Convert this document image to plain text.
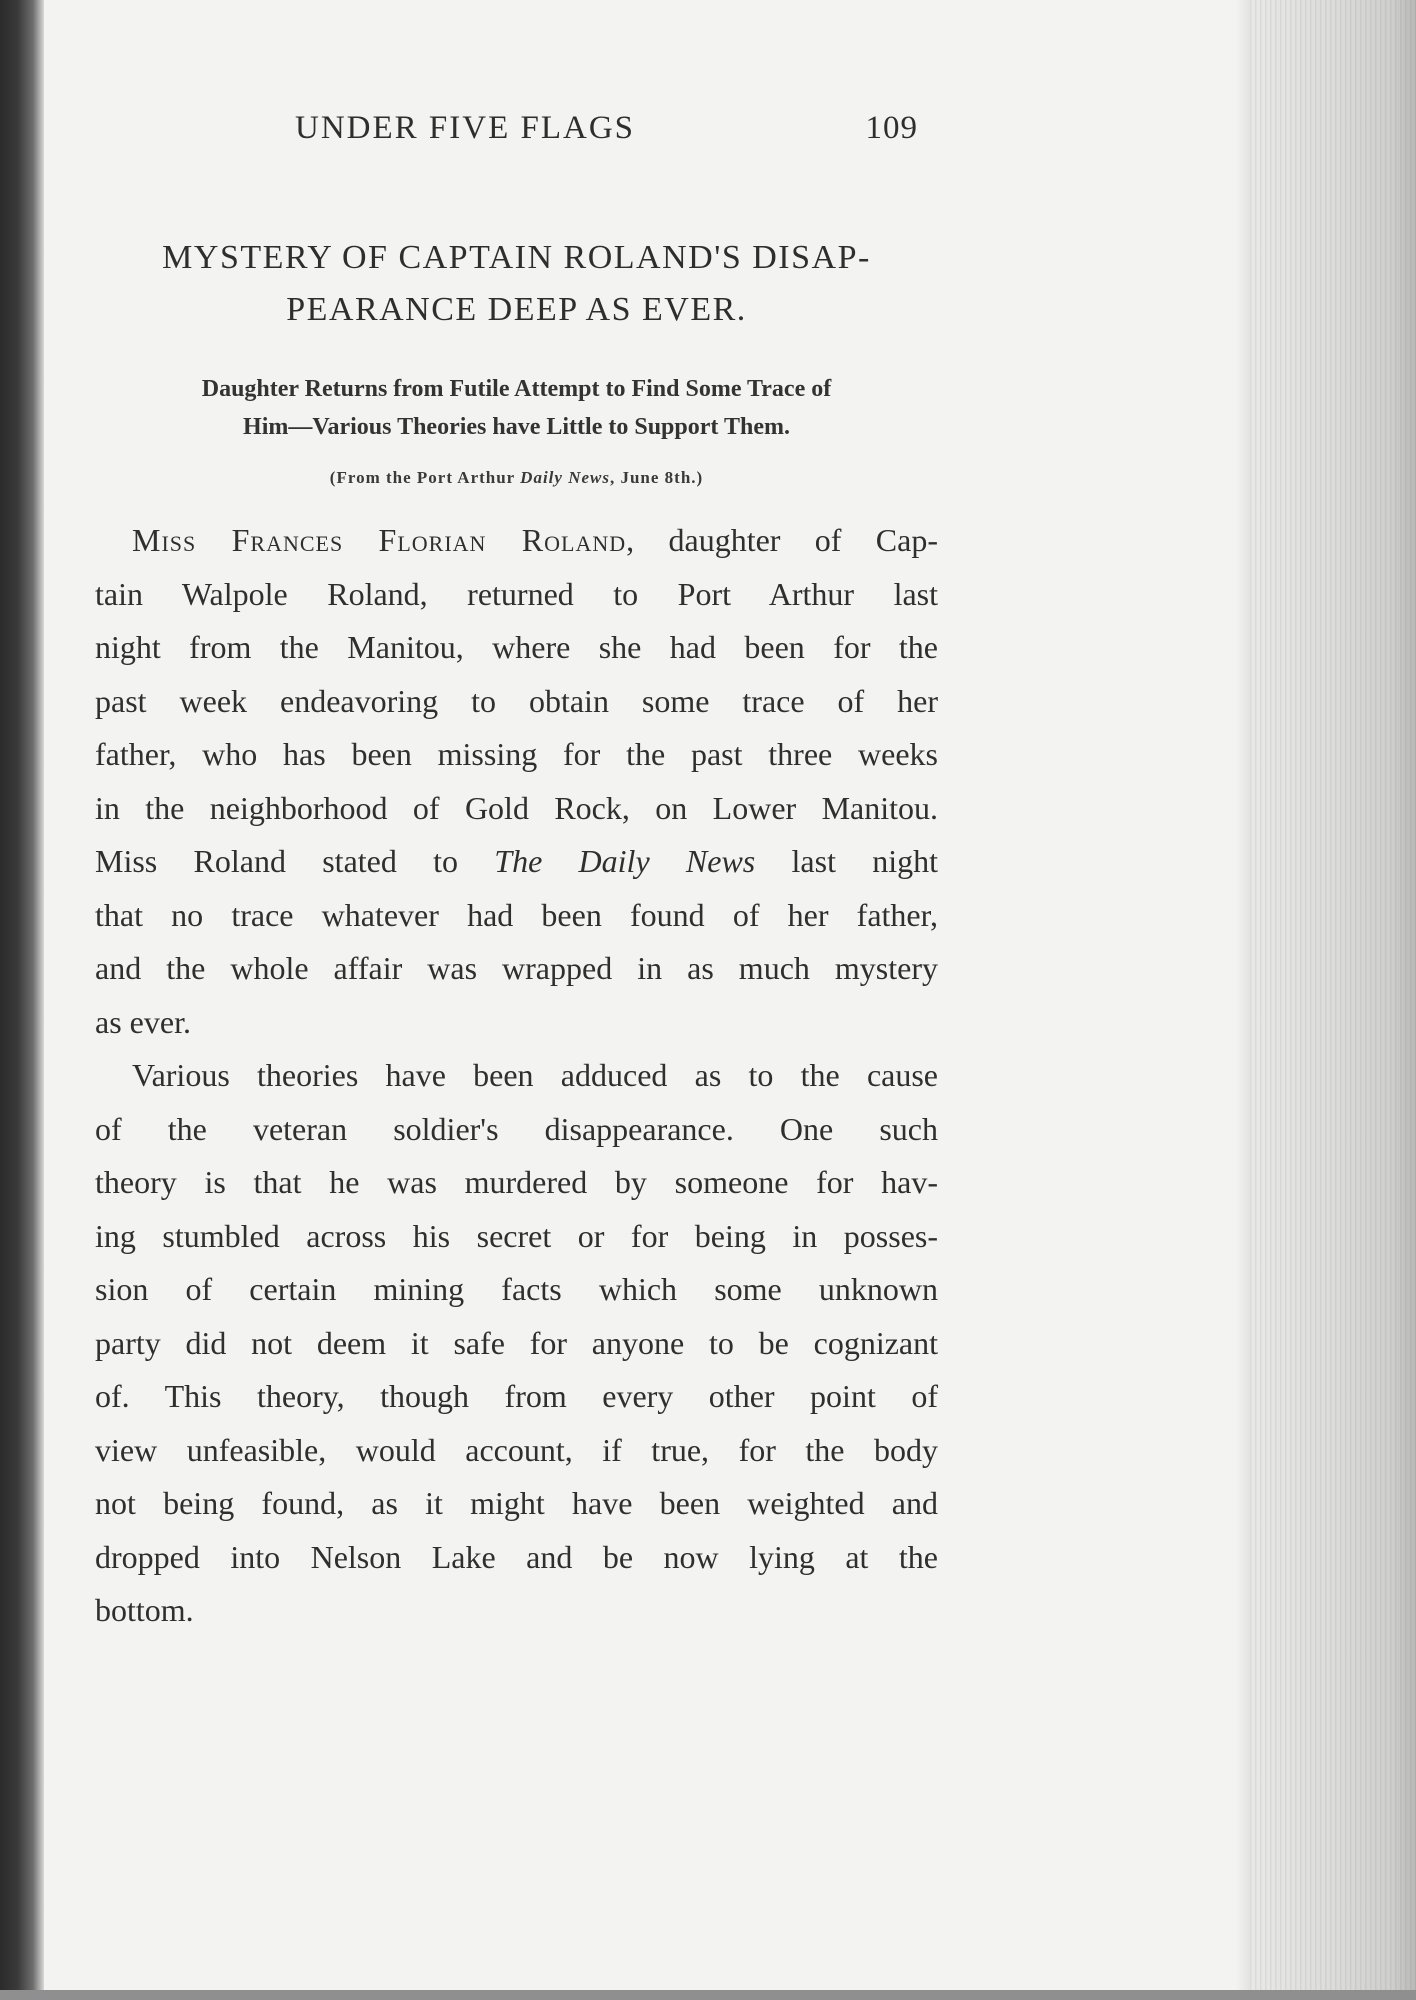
UNDER FIVE FLAGS	109
MYSTERY OF CAPTAIN ROLAND'S DISAP-
PEARANCE DEEP AS EVER.
Daughter Returns from Futile Attempt to Find Some Trace of
Him—Various Theories have Little to Support Them.
(From the Port Arthur Daily News, June 8th.)
Miss Frances Florian Roland, daughter of Cap-
tain Walpole Roland, returned to Port Arthur last
night from the Manitou, where she had been for the
past week endeavoring to obtain some trace of her
father, who has been missing for the past three weeks
in the neighborhood of Gold Rock, on Lower Manitou.
Miss Roland stated to The Daily News last night
that no trace whatever had been found of her father,
and the whole affair was wrapped in as much mystery
as ever.
Various theories have been adduced as to the cause
of the veteran soldier's disappearance. One such
theory is that he was murdered by someone for hav-
ing stumbled across his secret or for being in posses-
sion of certain mining facts which some unknown
party did not deem it safe for anyone to be cognizant
of. This theory, though from every other point of
view unfeasible, would account, if true, for the body
not being found, as it might have been weighted and
dropped into Nelson Lake and be now lying at the
bottom.
